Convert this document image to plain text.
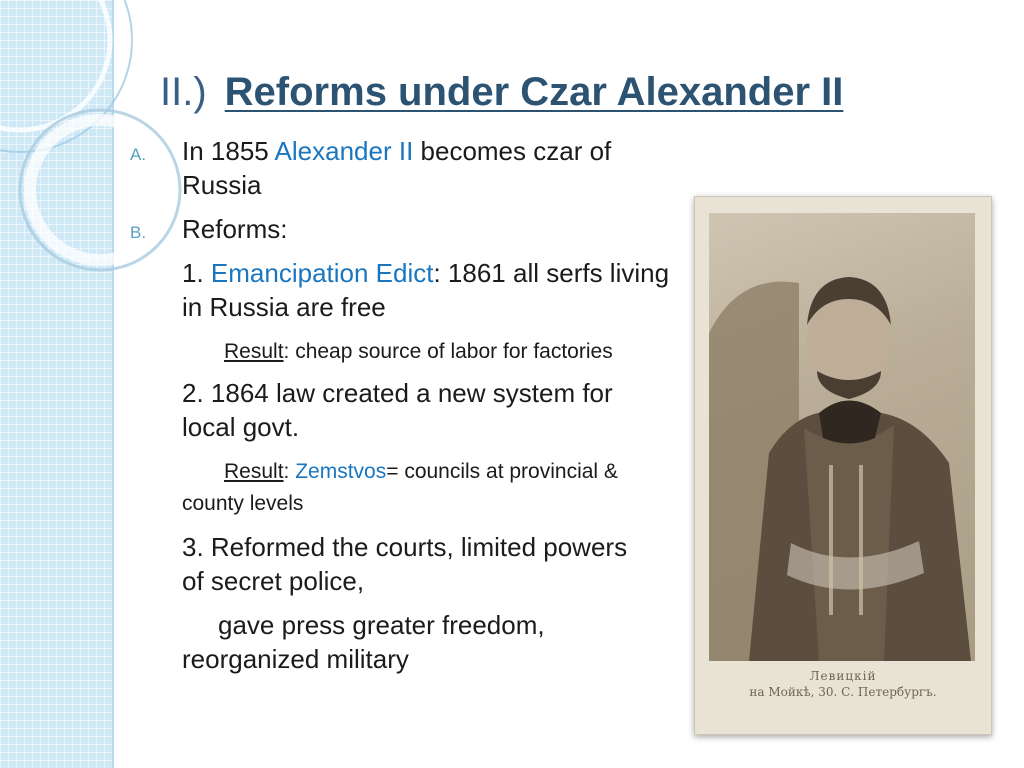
II.) Reforms under Czar Alexander II
A. In 1855 Alexander II becomes czar of Russia
B. Reforms:
1. Emancipation Edict: 1861 all serfs living in Russia are free
Result: cheap source of labor for factories
2. 1864 law created a new system for local govt.
Result: Zemstvos= councils at provincial & county levels
3. Reformed the courts, limited powers of secret police,
gave press greater freedom, reorganized military
Левицкій
на Мойкѣ, 30. С. Петербургъ.
